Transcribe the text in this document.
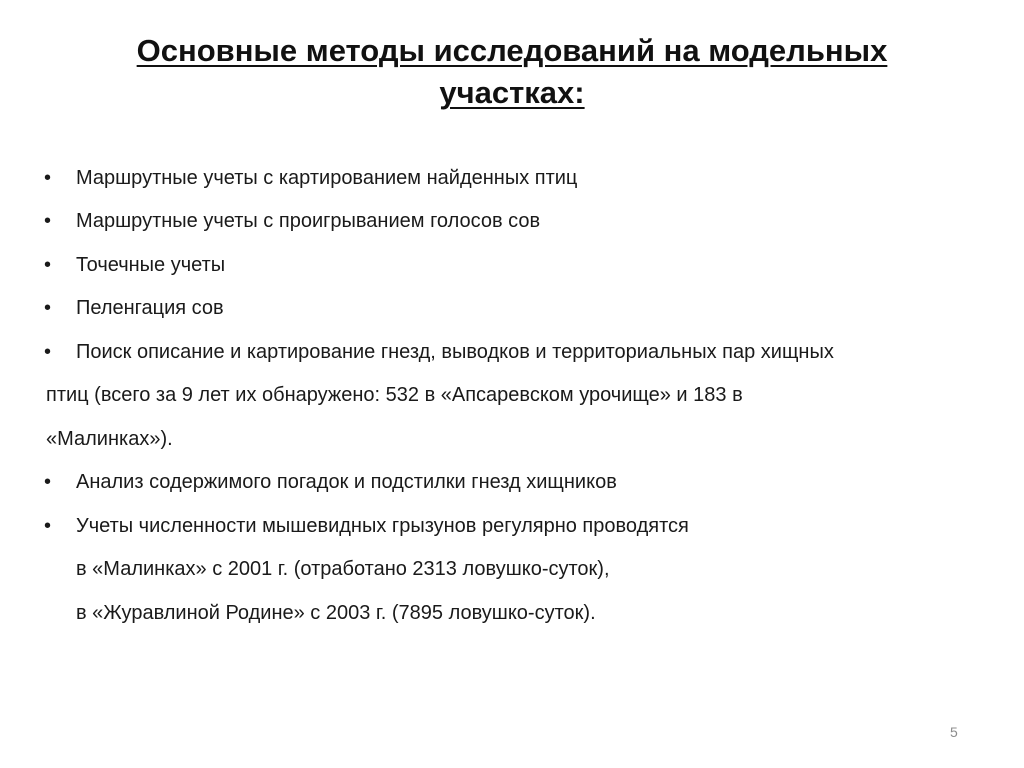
Основные методы исследований на модельных
участках:
• Маршрутные учеты с картированием найденных птиц
• Маршрутные учеты с проигрыванием голосов сов
• Точечные учеты
• Пеленгация сов
• Поиск описание и картирование гнезд, выводков и территориальных пар хищных
птиц (всего за 9 лет их обнаружено: 532 в «Апсаревском урочище» и 183 в
«Малинках»).
• Анализ содержимого погадок и подстилки гнезд хищников
• Учеты численности мышевидных грызунов регулярно проводятся
в «Малинках» с 2001 г. (отработано 2313 ловушко-суток),
в «Журавлиной Родине» с 2003 г. (7895 ловушко-суток).
5
